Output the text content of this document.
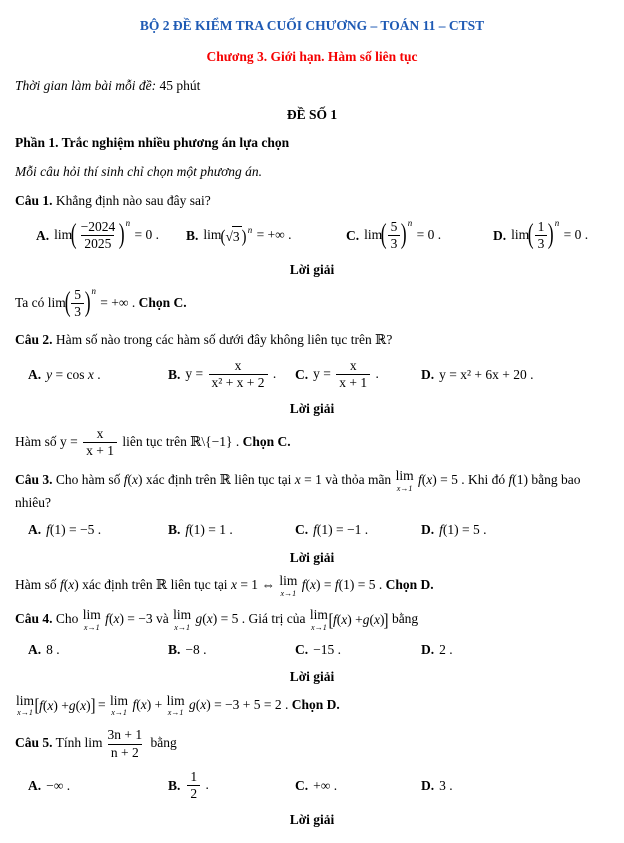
BỘ 2 ĐỀ KIỂM TRA CUỐI CHƯƠNG – TOÁN 11 – CTST
Chương 3. Giới hạn. Hàm số liên tục
Thời gian làm bài mỗi đề: 45 phút
ĐỀ SỐ 1
Phần 1. Trắc nghiệm nhiều phương án lựa chọn
Mỗi câu hỏi thí sinh chỉ chọn một phương án.

Câu 1. Khẳng định nào sau đây sai?

A. lim
( $\frac{-2024}{2025}$ ) n
= 0 . B. lim ( √ 3 ) n = +∞ .	C. lim
( $\frac{5}{3}$ ) n
= 0 .	D. lim
( $\frac{1}{3}$ ) n
= 0 .
Lời giải

Ta có lim
( $\frac{5}{3}$ ) n
= +∞ . Chọn C.

Câu 2. Hàm số nào trong các hàm số dưới đây không liên tục trên ℝ?

A. y = cos x .	B. $y = \frac{x}{\text{x² + x + 2}}$ . C. $y = \frac{x}{x + 1}$ .	D. y = x² + 6x + 20 .
Lời giải

Hàm số $y = \frac{x}{x + 1}$ liên tục trên ℝ\{−1} . Chọn C.

Câu 3. Cho hàm số f(x) xác định trên ℝ liên tục tại x = 1 và thỏa mãn lim
x→1
f(x) = 5 . Khi đó f(1) bằng bao nhiêu?

A. f(1) = −5 .	B. f(1) = 1 .	C. f(1) = −1 .	D. f(1) = 5 .
Lời giải

Hàm số f(x) xác định trên ℝ liên tục tại x = 1 ⇔ lim
x→1
f(x) = f(1) = 5 . Chọn D.

Câu 4. Cho lim
x→1
f(x) = −3 và lim
x→1
g(x) = 5 . Giá trị của lim
x→1 [ f ( x ) + g ( x ) ] bằng

A. 8 .	B. −8 .	C. −15 .	D. 2 .
Lời giải

lim
x→1 [ f ( x ) + g ( x ) ] = lim
x→1
f(x) + lim
x→1
g(x) = −3 + 5 = 2 . Chọn D.

Câu 5. Tính $\lim \frac{3n + 1}{n + 2}$ bằng

A. −∞ .	B. $\frac{1}{2}$ .	C. +∞ .	D. 3 .
Lời giải
